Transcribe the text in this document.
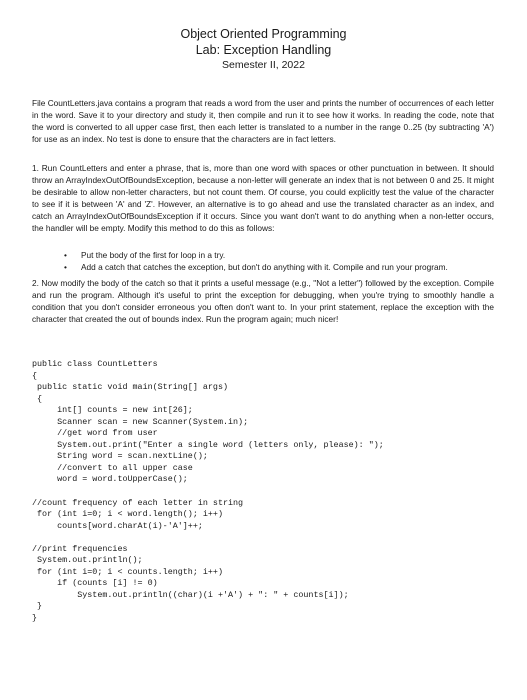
Object Oriented Programming
Lab: Exception Handling
Semester II, 2022

File CountLetters.java contains a program that reads a word from the user and prints the number of occurrences of each letter in the word. Save it to your directory and study it, then compile and run it to see how it works. In reading the code, note that the word is converted to all upper case first, then each letter is translated to a number in the range 0..25 (by subtracting 'A') for use as an index. No test is done to ensure that the characters are in fact letters.

1. Run CountLetters and enter a phrase, that is, more than one word with spaces or other punctuation in between. It should throw an ArrayIndexOutOfBoundsException, because a non-letter will generate an index that is not between 0 and 25. It might be desirable to allow non-letter characters, but not count them. Of course, you could explicitly test the value of the character to see if it is between 'A' and 'Z'. However, an alternative is to go ahead and use the translated character as an index, and catch an ArrayIndexOutOfBoundsException if it occurs. Since you want don't want to do anything when a non-letter occurs, the handler will be empty. Modify this method to do this as follows:

• Put the body of the first for loop in a try.
• Add a catch that catches the exception, but don't do anything with it. Compile and run your program.

2. Now modify the body of the catch so that it prints a useful message (e.g., "Not a letter") followed by the exception. Compile and run the program. Although it's useful to print the exception for debugging, when you're trying to smoothly handle a condition that you don't consider erroneous you often don't want to. In your print statement, replace the exception with the character that created the out of bounds index. Run the program again; much nicer!

public class CountLetters
{
public static void main(String[] args)
{
int[] counts = new int[26];
Scanner scan = new Scanner(System.in);
//get word from user
System.out.print("Enter a single word (letters only, please): ");
String word = scan.nextLine();
//convert to all upper case
word = word.toUpperCase();

//count frequency of each letter in string
for (int i=0; i < word.length(); i++)
counts[word.charAt(i)-'A']++;

//print frequencies
System.out.println();
for (int i=0; i < counts.length; i++)
if (counts [i] != 0)
System.out.println((char)(i +'A') + ": " + counts[i]);
}
}
